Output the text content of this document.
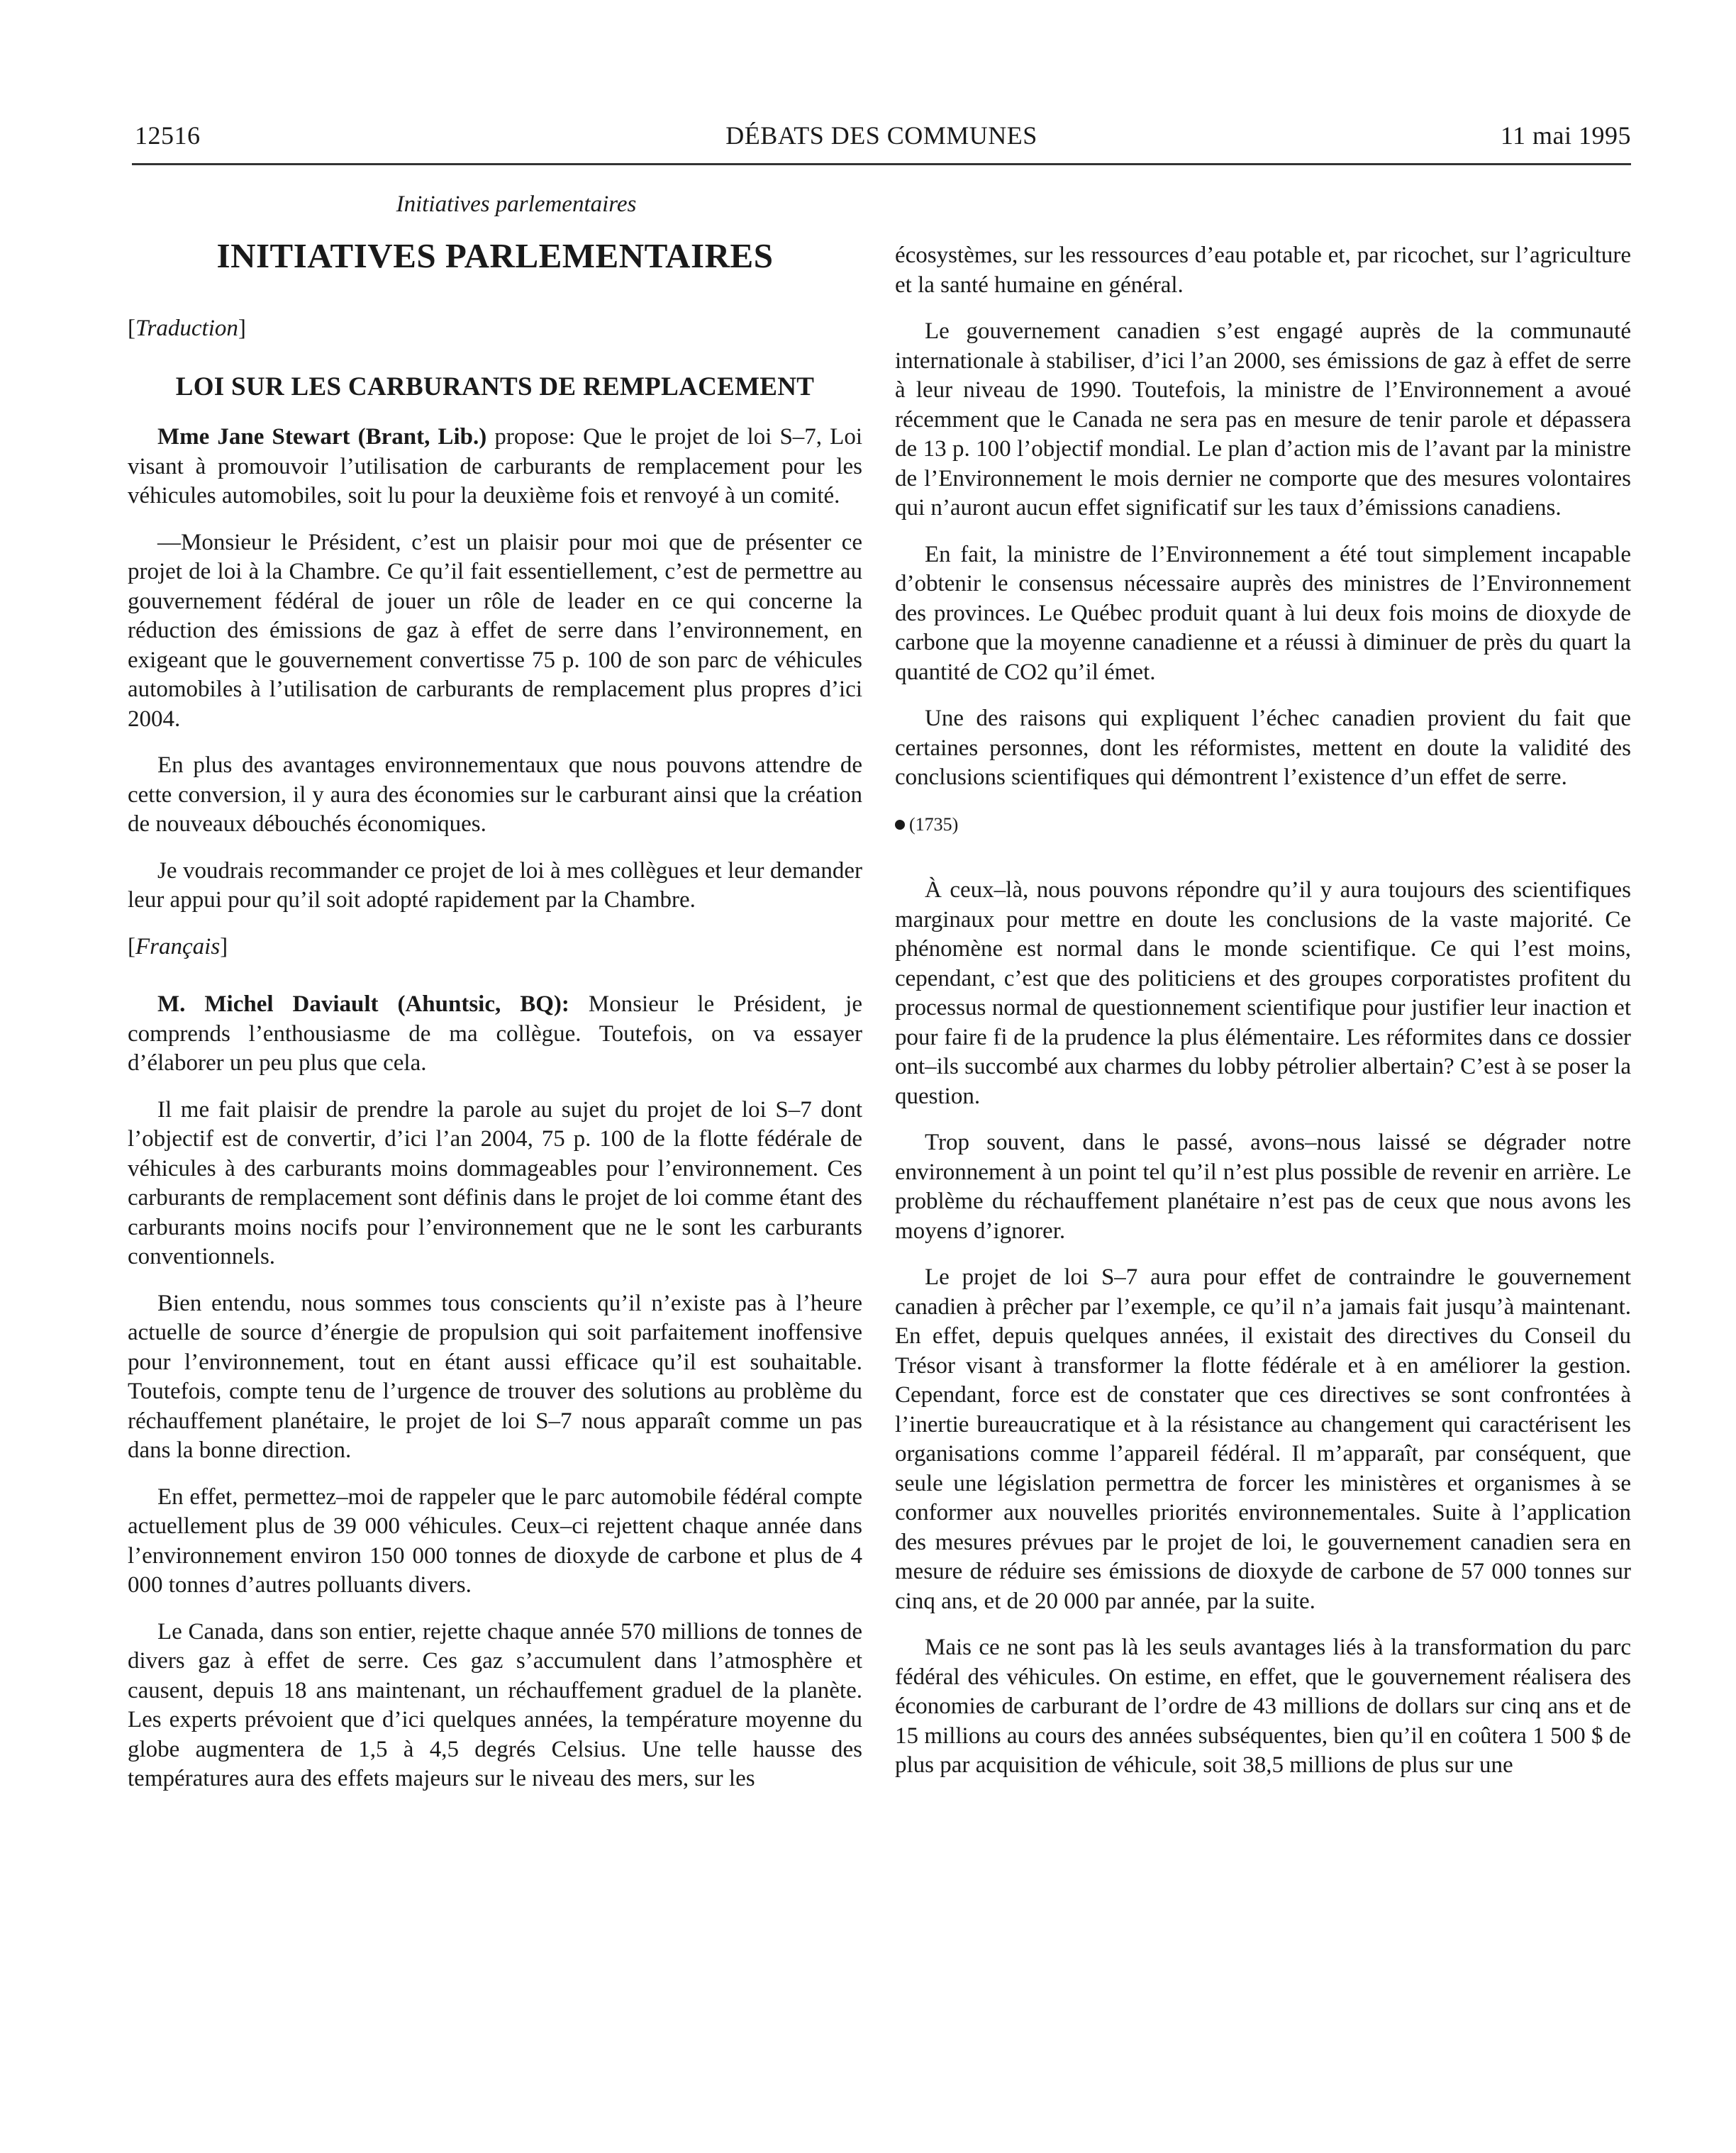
12516	DÉBATS DES COMMUNES	11 mai 1995
Initiatives parlementaires
INITIATIVES PARLEMENTAIRES
[Traduction]
LOI SUR LES CARBURANTS DE REMPLACEMENT

Mme Jane Stewart (Brant, Lib.) propose: Que le projet de loi S–7, Loi visant à promouvoir l’utilisation de carburants de remplacement pour les véhicules automobiles, soit lu pour la deuxième fois et renvoyé à un comité.

—Monsieur le Président, c’est un plaisir pour moi que de présenter ce projet de loi à la Chambre. Ce qu’il fait essentiellement, c’est de permettre au gouvernement fédéral de jouer un rôle de leader en ce qui concerne la réduction des émissions de gaz à effet de serre dans l’environnement, en exigeant que le gouvernement convertisse 75 p. 100 de son parc de véhicules automobiles à l’utilisation de carburants de remplacement plus propres d’ici 2004.

En plus des avantages environnementaux que nous pouvons attendre de cette conversion, il y aura des économies sur le carburant ainsi que la création de nouveaux débouchés économiques.

Je voudrais recommander ce projet de loi à mes collègues et leur demander leur appui pour qu’il soit adopté rapidement par la Chambre.

[Français]

M. Michel Daviault (Ahuntsic, BQ): Monsieur le Président, je comprends l’enthousiasme de ma collègue. Toutefois, on va essayer d’élaborer un peu plus que cela.

Il me fait plaisir de prendre la parole au sujet du projet de loi S–7 dont l’objectif est de convertir, d’ici l’an 2004, 75 p. 100 de la flotte fédérale de véhicules à des carburants moins dommageables pour l’environnement. Ces carburants de remplacement sont définis dans le projet de loi comme étant des carburants moins nocifs pour l’environnement que ne le sont les carburants conventionnels.

Bien entendu, nous sommes tous conscients qu’il n’existe pas à l’heure actuelle de source d’énergie de propulsion qui soit parfaitement inoffensive pour l’environnement, tout en étant aussi efficace qu’il est souhaitable. Toutefois, compte tenu de l’urgence de trouver des solutions au problème du réchauffement planétaire, le projet de loi S–7 nous apparaît comme un pas dans la bonne direction.

En effet, permettez–moi de rappeler que le parc automobile fédéral compte actuellement plus de 39 000 véhicules. Ceux–ci rejettent chaque année dans l’environnement environ 150 000 tonnes de dioxyde de carbone et plus de 4 000 tonnes d’autres polluants divers.

Le Canada, dans son entier, rejette chaque année 570 millions de tonnes de divers gaz à effet de serre. Ces gaz s’accumulent dans l’atmosphère et causent, depuis 18 ans maintenant, un réchauffement graduel de la planète. Les experts prévoient que d’ici quelques années, la température moyenne du globe augmentera de 1,5 à 4,5 degrés Celsius. Une telle hausse des températures aura des effets majeurs sur le niveau des mers, sur les

écosystèmes, sur les ressources d’eau potable et, par ricochet, sur l’agriculture et la santé humaine en général.

Le gouvernement canadien s’est engagé auprès de la communauté internationale à stabiliser, d’ici l’an 2000, ses émissions de gaz à effet de serre à leur niveau de 1990. Toutefois, la ministre de l’Environnement a avoué récemment que le Canada ne sera pas en mesure de tenir parole et dépassera de 13 p. 100 l’objectif mondial. Le plan d’action mis de l’avant par la ministre de l’Environnement le mois dernier ne comporte que des mesures volontaires qui n’auront aucun effet significatif sur les taux d’émissions canadiens.

En fait, la ministre de l’Environnement a été tout simplement incapable d’obtenir le consensus nécessaire auprès des ministres de l’Environnement des provinces. Le Québec produit quant à lui deux fois moins de dioxyde de carbone que la moyenne canadienne et a réussi à diminuer de près du quart la quantité de CO2 qu’il émet.

Une des raisons qui expliquent l’échec canadien provient du fait que certaines personnes, dont les réformistes, mettent en doute la validité des conclusions scientifiques qui démontrent l’existence d’un effet de serre.

(1735)

À ceux–là, nous pouvons répondre qu’il y aura toujours des scientifiques marginaux pour mettre en doute les conclusions de la vaste majorité. Ce phénomène est normal dans le monde scientifique. Ce qui l’est moins, cependant, c’est que des politiciens et des groupes corporatistes profitent du processus normal de questionnement scientifique pour justifier leur inaction et pour faire fi de la prudence la plus élémentaire. Les réformites dans ce dossier ont–ils succombé aux charmes du lobby pétrolier albertain? C’est à se poser la question.

Trop souvent, dans le passé, avons–nous laissé se dégrader notre environnement à un point tel qu’il n’est plus possible de revenir en arrière. Le problème du réchauffement planétaire n’est pas de ceux que nous avons les moyens d’ignorer.

Le projet de loi S–7 aura pour effet de contraindre le gouvernement canadien à prêcher par l’exemple, ce qu’il n’a jamais fait jusqu’à maintenant. En effet, depuis quelques années, il existait des directives du Conseil du Trésor visant à transformer la flotte fédérale et à en améliorer la gestion. Cependant, force est de constater que ces directives se sont confrontées à l’inertie bureaucratique et à la résistance au changement qui caractérisent les organisations comme l’appareil fédéral. Il m’apparaît, par conséquent, que seule une législation permettra de forcer les ministères et organismes à se conformer aux nouvelles priorités environnementales. Suite à l’application des mesures prévues par le projet de loi, le gouvernement canadien sera en mesure de réduire ses émissions de dioxyde de carbone de 57 000 tonnes sur cinq ans, et de 20 000 par année, par la suite.

Mais ce ne sont pas là les seuls avantages liés à la transformation du parc fédéral des véhicules. On estime, en effet, que le gouvernement réalisera des économies de carburant de l’ordre de 43 millions de dollars sur cinq ans et de 15 millions au cours des années subséquentes, bien qu’il en coûtera 1 500 $ de plus par acquisition de véhicule, soit 38,5 millions de plus sur une
